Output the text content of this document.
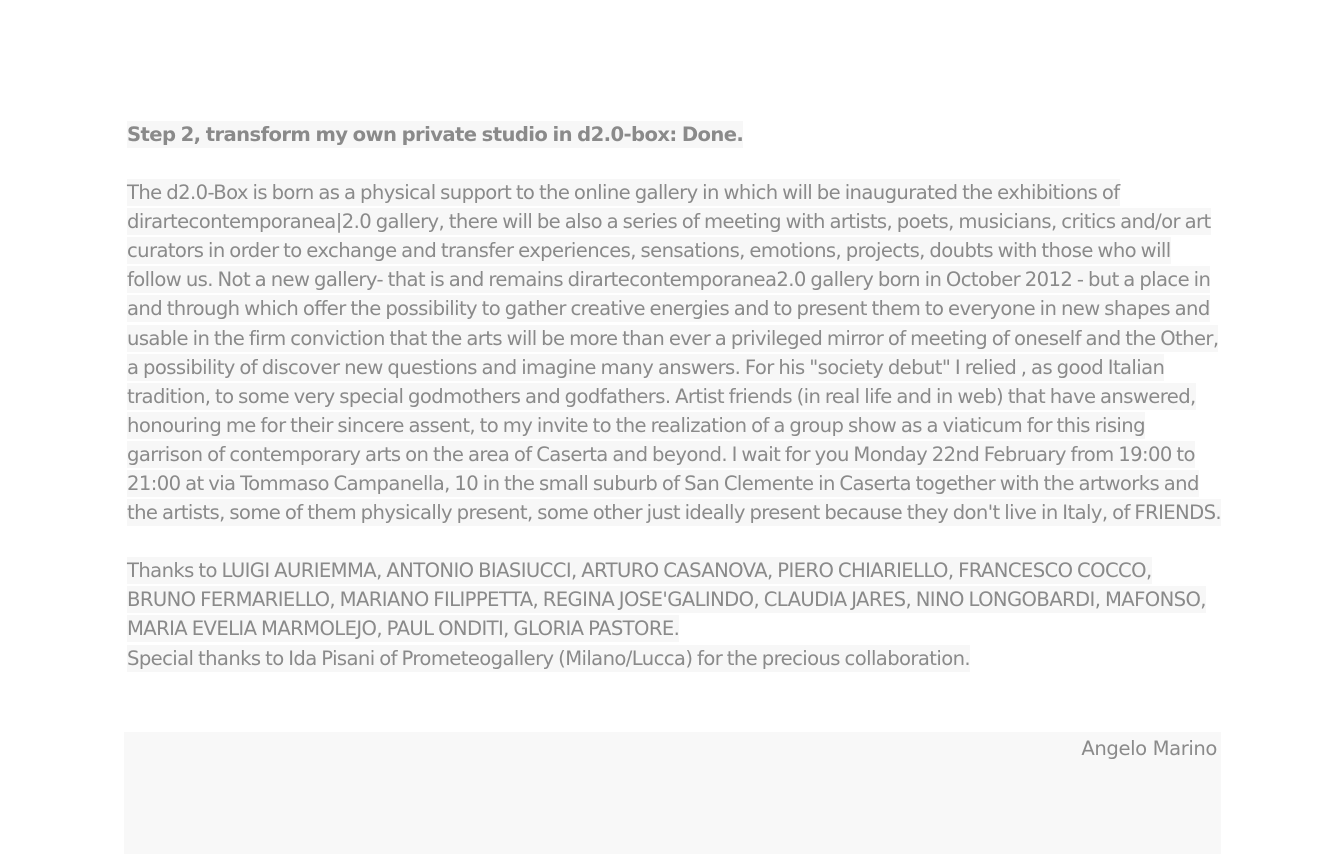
Step 2, transform my own private studio in d2.0-box: Done.

The d2.0-Box is born as a physical support to the online gallery in which will be inaugurated the exhibitions of dirartecontemporanea|2.0 gallery, there will be also a series of meeting with artists, poets, musicians, critics and/or art curators in order to exchange and transfer experiences, sensations, emotions, projects, doubts with those who will follow us. Not a new gallery- that is and remains dirartecontemporanea2.0 gallery born in October 2012 - but a place in and through which offer the possibility to gather creative energies and to present them to everyone in new shapes and usable in the firm conviction that the arts will be more than ever a privileged mirror of meeting of oneself and the Other, a possibility of discover new questions and imagine many answers. For his "society debut" I relied , as good Italian tradition, to some very special godmothers and godfathers. Artist friends (in real life and in web) that have answered, honouring me for their sincere assent, to my invite to the realization of a group show as a viaticum for this rising garrison of contemporary arts on the area of Caserta and beyond. I wait for you Monday 22nd February from 19:00 to 21:00 at via Tommaso Campanella, 10 in the small suburb of San Clemente in Caserta together with the artworks and the artists, some of them physically present, some other just ideally present because they don't live in Italy, of FRIENDS.

Thanks to LUIGI AURIEMMA, ANTONIO BIASIUCCI, ARTURO CASANOVA, PIERO CHIARIELLO, FRANCESCO COCCO, BRUNO FERMARIELLO, MARIANO FILIPPETTA, REGINA JOSE'GALINDO, CLAUDIA JARES, NINO LONGOBARDI, MAFONSO, MARIA EVELIA MARMOLEJO, PAUL ONDITI, GLORIA PASTORE.

Special thanks to Ida Pisani of Prometeogallery (Milano/Lucca) for the precious collaboration.

Angelo Marino
